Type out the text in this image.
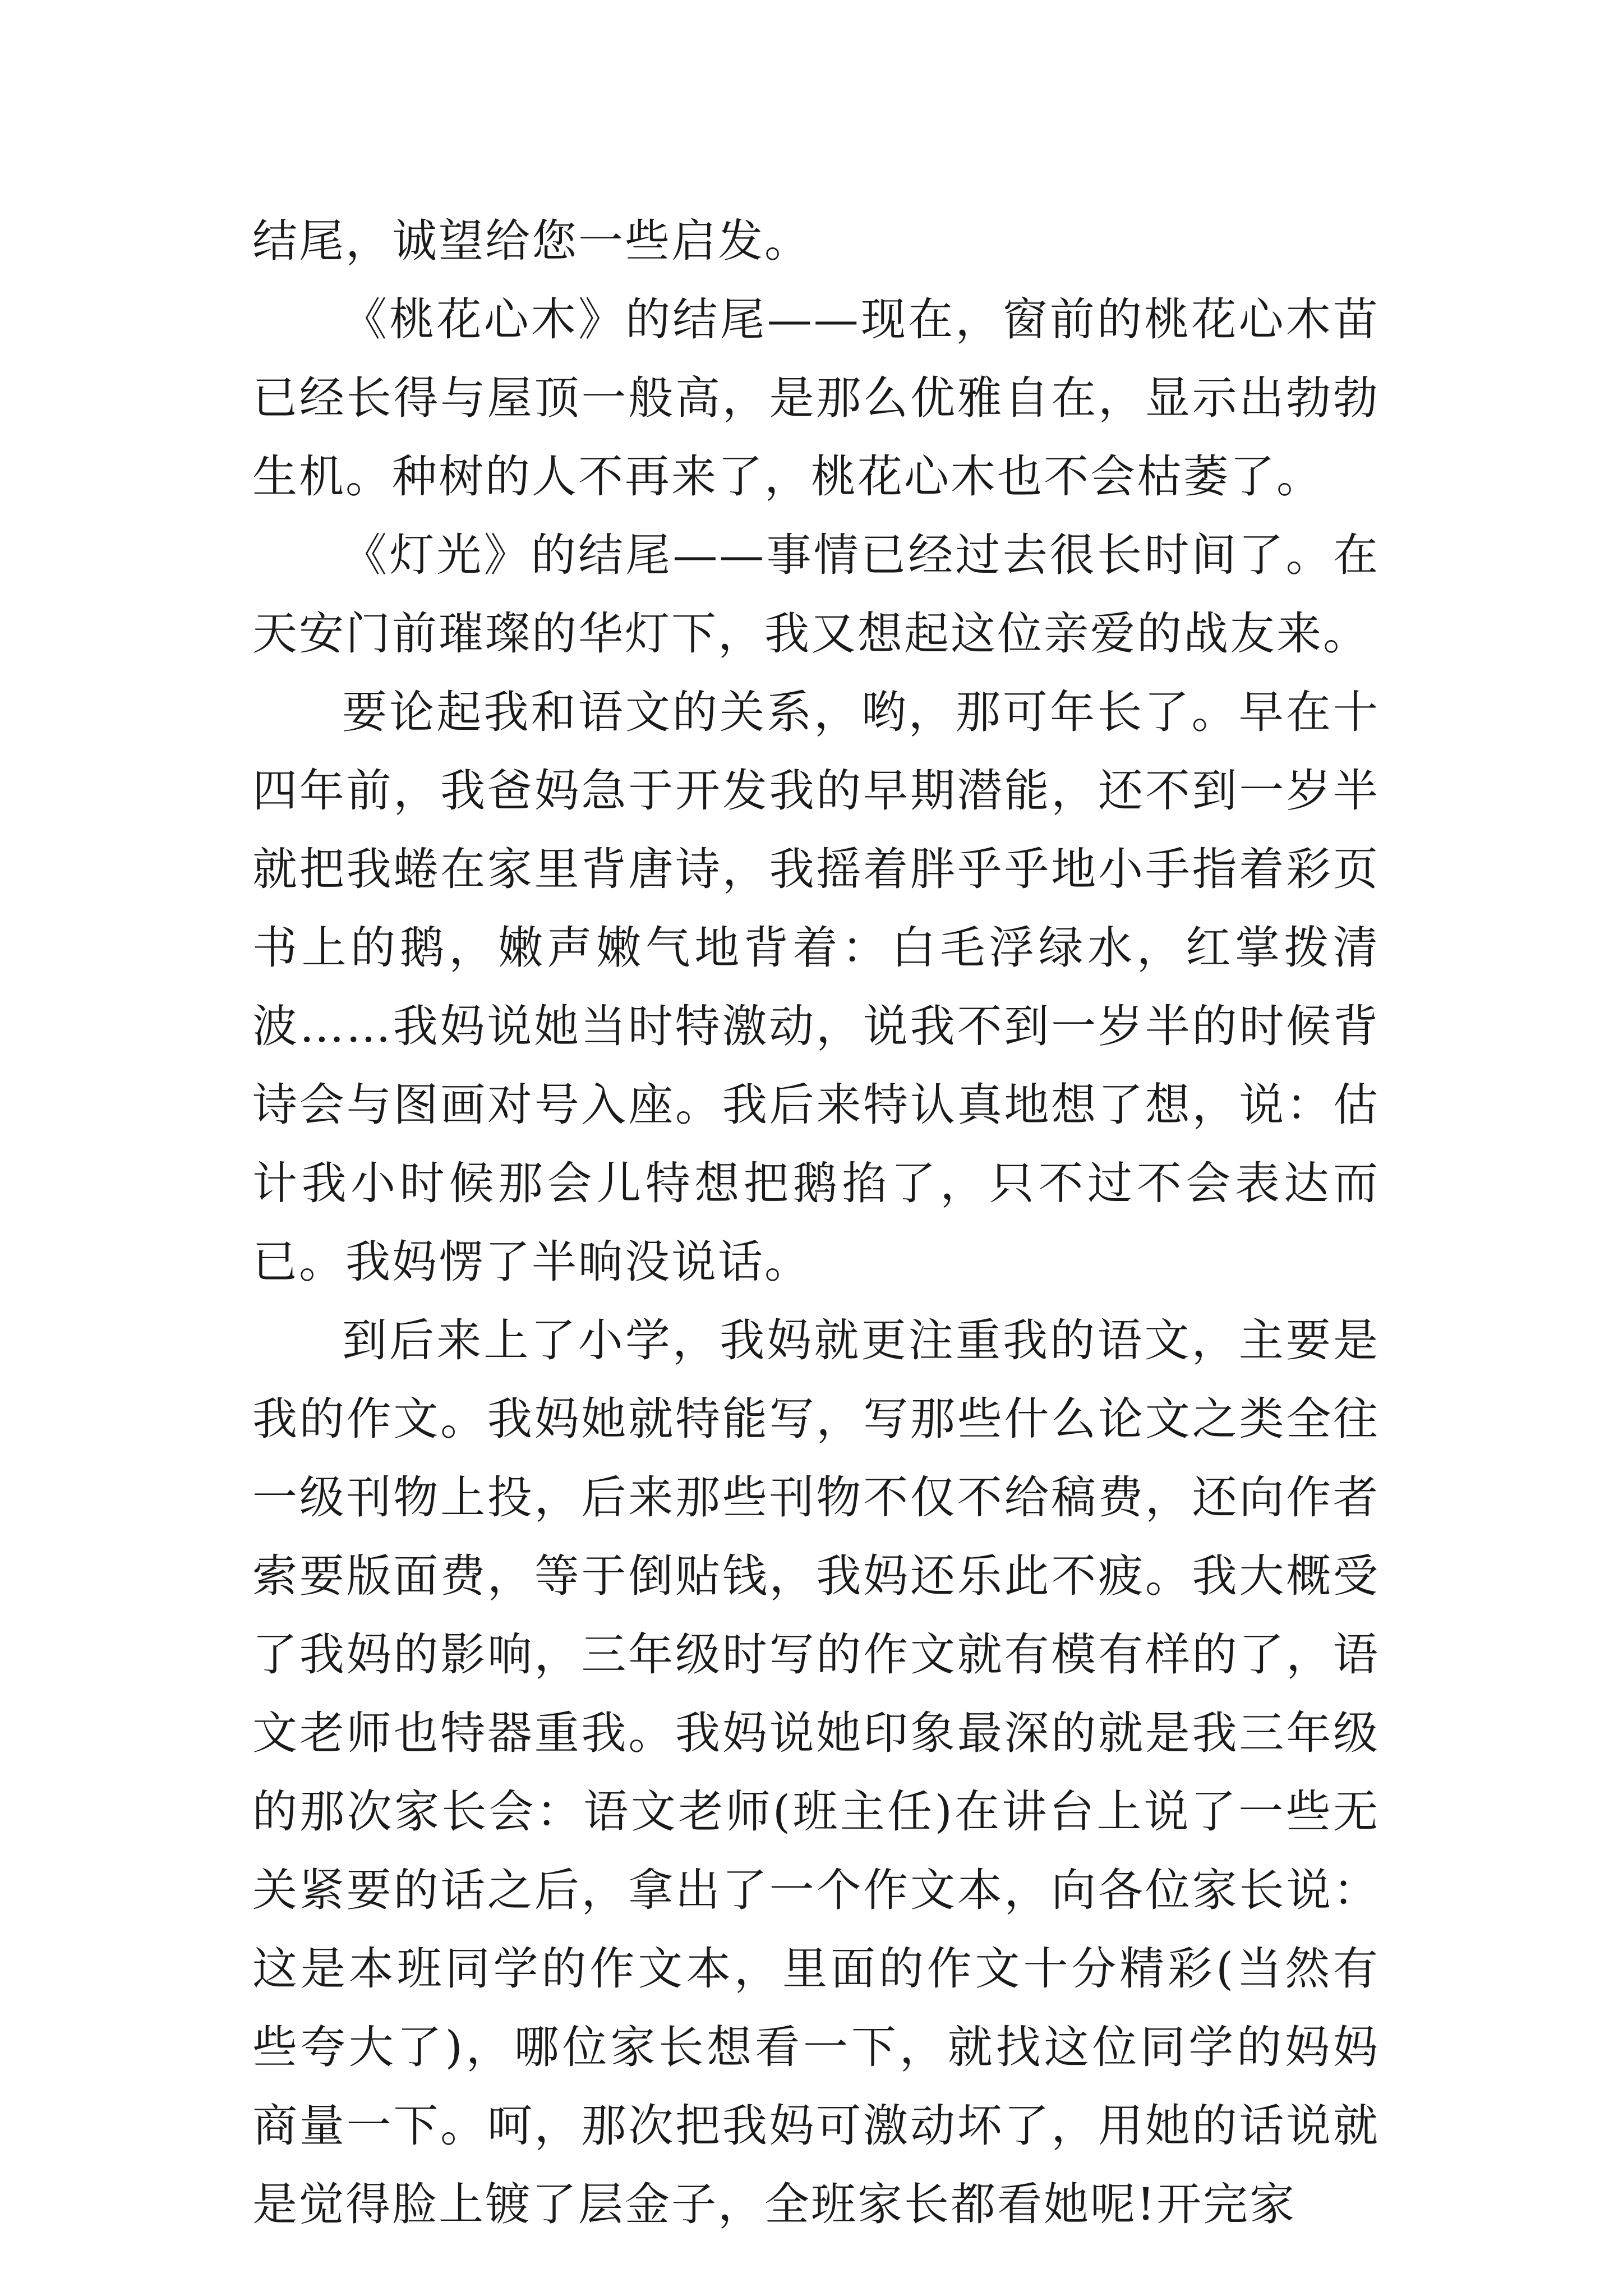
结尾，诚望给您一些启发。

《桃花心木》的结尾——现在，窗前的桃花心木苗已经长得与屋顶一般高，是那么优雅自在，显示出勃勃生机。种树的人不再来了，桃花心木也不会枯萎了。

《灯光》的结尾——事情已经过去很长时间了。在天安门前璀璨的华灯下，我又想起这位亲爱的战友来。

要论起我和语文的关系，哟，那可年长了。早在十四年前，我爸妈急于开发我的早期潜能，还不到一岁半就把我蜷在家里背唐诗，我摇着胖乎乎地小手指着彩页书上的鹅，嫩声嫩气地背着：白毛浮绿水，红掌拨清波……我妈说她当时特激动，说我不到一岁半的时候背诗会与图画对号入座。我后来特认真地想了想，说：估计我小时候那会儿特想把鹅掐了，只不过不会表达而已。我妈愣了半晌没说话。

到后来上了小学，我妈就更注重我的语文，主要是我的作文。我妈她就特能写，写那些什么论文之类全往一级刊物上投，后来那些刊物不仅不给稿费，还向作者索要版面费，等于倒贴钱，我妈还乐此不疲。我大概受了我妈的影响，三年级时写的作文就有模有样的了，语文老师也特器重我。我妈说她印象最深的就是我三年级的那次家长会：语文老师(班主任)在讲台上说了一些无关紧要的话之后，拿出了一个作文本，向各位家长说：这是本班同学的作文本，里面的作文十分精彩(当然有些夸大了)，哪位家长想看一下，就找这位同学的妈妈商量一下。呵，那次把我妈可激动坏了，用她的话说就是觉得脸上镀了层金子，全班家长都看她呢!开完家
